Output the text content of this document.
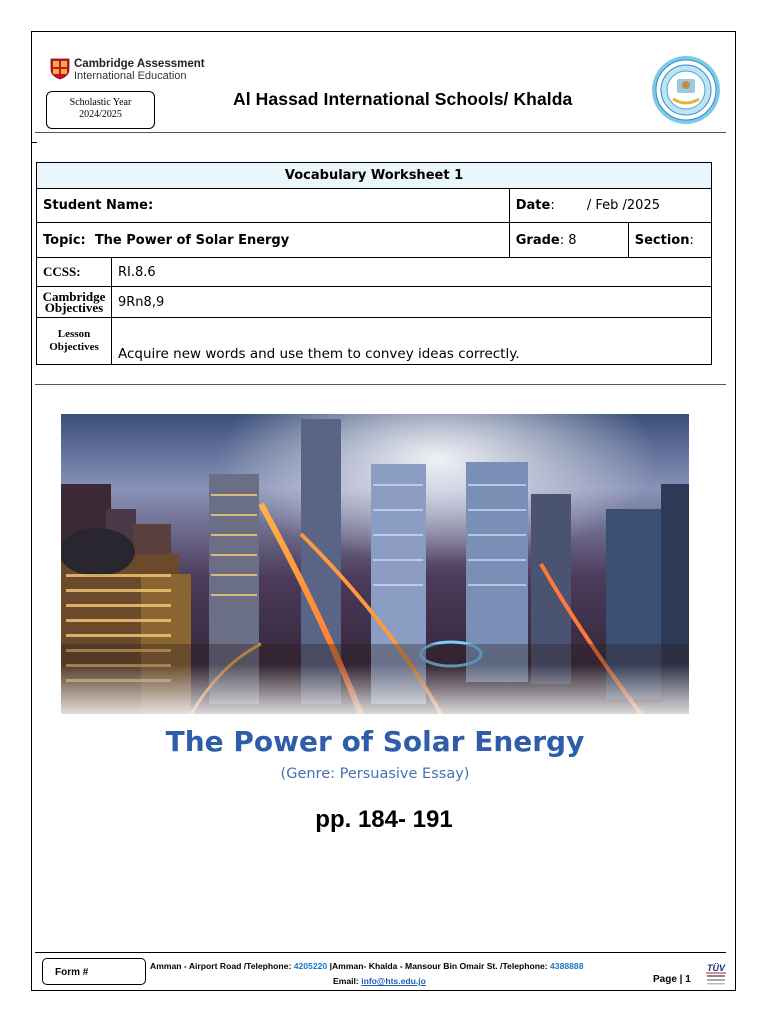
Cambridge Assessment
International Education
Scholastic Year
2024/2025
Al Hassad International Schools/ Khalda
Vocabulary Worksheet 1			
Student Name:		Date: / Feb /2025	
Topic: The Power of Solar Energy		Grade: 8	Section:
CCSS:	RI.8.6		

Cambridge
Objectives	9Rn8,9		

Lesson
Objectives	Acquire new words and use them to convey ideas correctly.		
The Power of Solar Energy
(Genre: Persuasive Essay)
pp. 184- 191
Form #
Amman - Airport Road /Telephone: 4205220 |Amman- Khalda - Mansour Bin Omair St. /Telephone: 4388888
Email: info@hts.edu.jo	Page | 1
TÜV
